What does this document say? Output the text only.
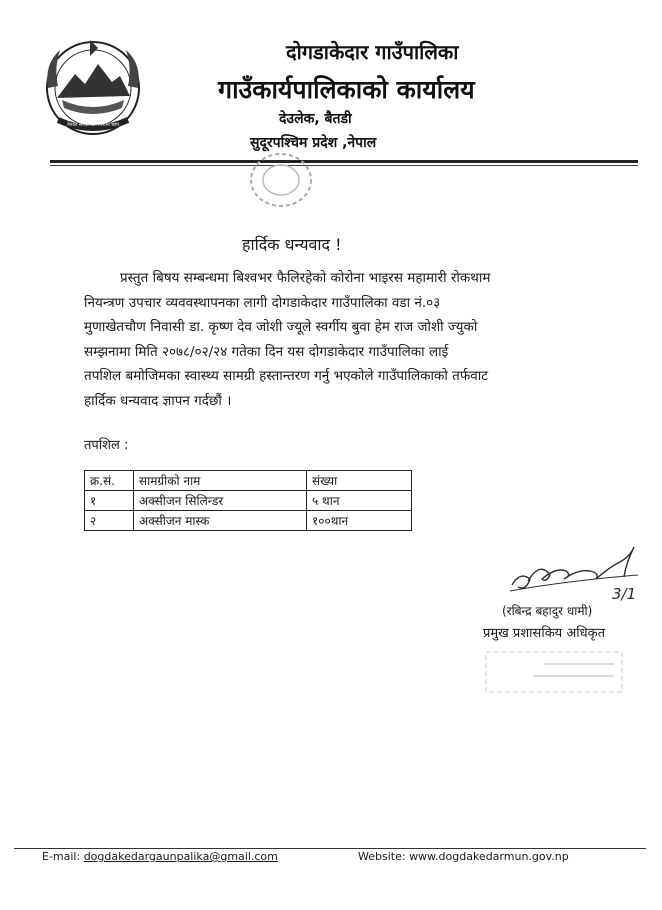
नेपाल सरकारको निशान छाप
दोगडाकेदार गाउँपालिका
गाउँकार्यपालिकाको कार्यालय
देउलेक, बैतडी
सुदूरपश्चिम प्रदेश ,नेपाल
हार्दिक धन्यवाद !
प्रस्तुत बिषय सम्बन्धमा बिश्वभर फैलिरहेको कोरोना भाइरस महामारी रोकथाम
नियन्त्रण उपचार व्यववस्थापनका लागी दोगडाकेदार गाउँपालिका वडा नं.०३
मुणाखेतचौण निवासी डा. कृष्ण देव जोशी ज्यूले स्वर्गीय बुवा हेम राज जोशी ज्युको
सम्झनामा मिति २०७८/०२/२४ गतेका दिन यस दोगडाकेदार गाउँपालिका लाई
तपशिल बमोजिमका स्वास्थ्य सामग्री हस्तान्तरण गर्नु भएकोले गाउँपालिकाको तर्फवाट
हार्दिक धन्यवाद ज्ञापन गर्दछौं ।
तपशिल :
क्र.सं.	सामग्रीको नाम	संख्या
१	अक्सीजन सिलिन्डर	५ थान
२	अक्सीजन मास्क	१००थान
3/1
(रबिन्द्र बहादुर धामी)
प्रमुख प्रशासकिय अधिकृत
E-mail: dogdakedargaunpalika@gmail.com	Website: www.dogdakedarmun.gov.np
